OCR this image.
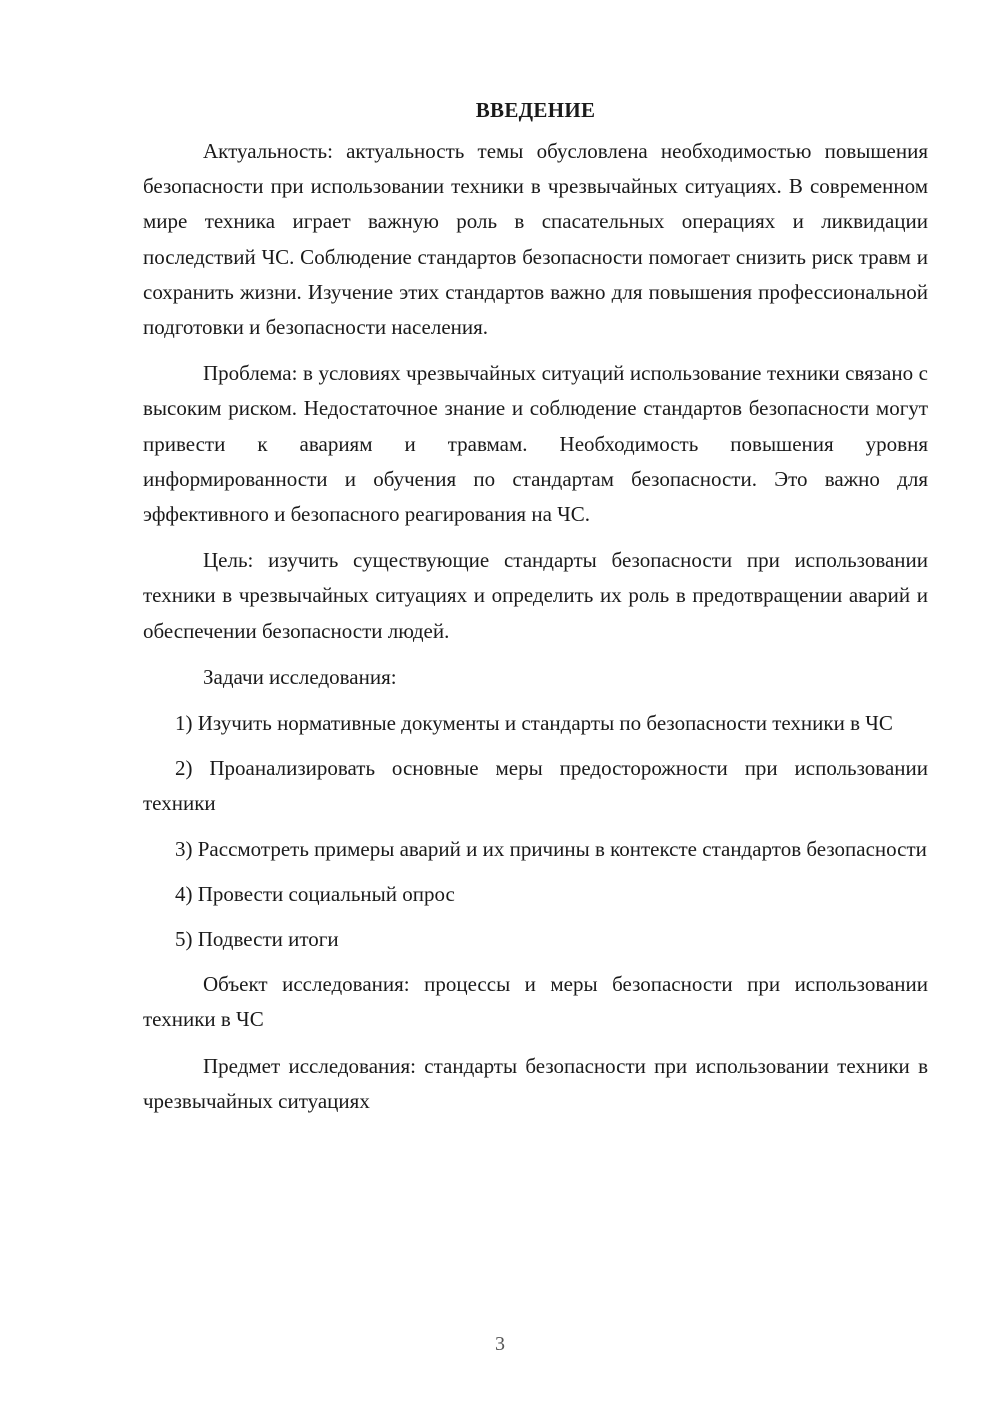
ВВЕДЕНИЕ

Актуальность: актуальность темы обусловлена необходимостью повышения безопасности при использовании техники в чрезвычайных ситуациях. В современном мире техника играет важную роль в спасательных операциях и ликвидации последствий ЧС. Соблюдение стандартов безопасности помогает снизить риск травм и сохранить жизни. Изучение этих стандартов важно для повышения профессиональной подготовки и безопасности населения.

Проблема: в условиях чрезвычайных ситуаций использование техники связано с высоким риском. Недостаточное знание и соблюдение стандартов безопасности могут привести к авариям и травмам. Необходимость повышения уровня информированности и обучения по стандартам безопасности. Это важно для эффективного и безопасного реагирования на ЧС.

Цель: изучить существующие стандарты безопасности при использовании техники в чрезвычайных ситуациях и определить их роль в предотвращении аварий и обеспечении безопасности людей.

Задачи исследования:

1) Изучить нормативные документы и стандарты по безопасности техники в ЧС

2) Проанализировать основные меры предосторожности при использовании техники

3) Рассмотреть примеры аварий и их причины в контексте стандартов безопасности

4) Провести социальный опрос

5) Подвести итоги

Объект исследования: процессы и меры безопасности при использовании техники в ЧС

Предмет исследования: стандарты безопасности при использовании техники в чрезвычайных ситуациях

3
